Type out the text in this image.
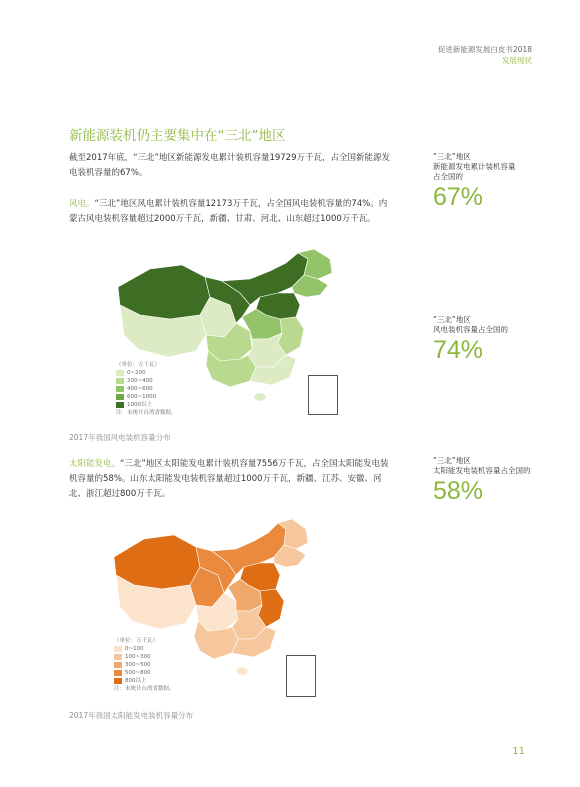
促进新能源发展白皮书2018
发展现状
新能源装机仍主要集中在“三北”地区
截至2017年底，“三北”地区新能源发电累计装机容量19729万千瓦，占全国新能源发电装机容量的67%。
风电。“三北”地区风电累计装机容量12173万千瓦，占全国风电装机容量的74%。内蒙古风电装机容量超过2000万千瓦，新疆、甘肃、河北、山东超过1000万千瓦。
“三北”地区
新能源发电累计装机容量
占全国的
67%
“三北”地区
风电装机容量占全国的
74%
“三北”地区
太阳能发电装机容量占全国的
58%
（单位：万千瓦）
0~200
200~400
400~600
600~1000
1000以上
注：未统计台湾省数据。
2017年我国风电装机容量分布
太阳能发电。“三北”地区太阳能发电累计装机容量7556万千瓦，占全国太阳能发电装机容量的58%。山东太阳能发电装机容量超过1000万千瓦，新疆、江苏、安徽、河北、浙江超过800万千瓦。
（单位：万千瓦）
0~100
100~300
300~500
500~800
800以上
注：未统计台湾省数据。
2017年我国太阳能发电装机容量分布
11
